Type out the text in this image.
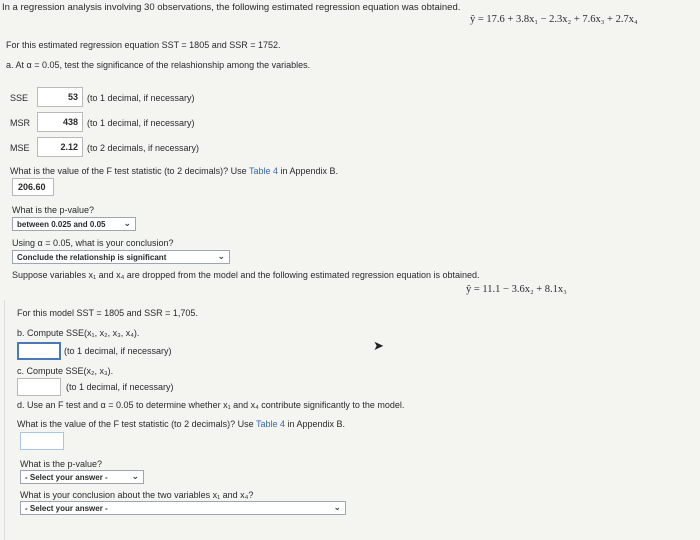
In a regression analysis involving 30 observations, the following estimated regression equation was obtained.
ŷ = 17.6 + 3.8x₁ − 2.3x₂ + 7.6x₃ + 2.7x₄
For this estimated regression equation SST = 1805 and SSR = 1752.
a. At α = 0.05, test the significance of the relashionship among the variables.
SSE	53	(to 1 decimal, if necessary)
MSR	438	(to 1 decimal, if necessary)
MSE	2.12	(to 2 decimals, if necessary)
What is the value of the F test statistic (to 2 decimals)? Use Table 4 in Appendix B.
206.60
What is the p-value?
between 0.025 and 0.05 ⌄
Using α = 0.05, what is your conclusion?
Conclude the relationship is significant	⌄
Suppose variables x₁ and x₄ are dropped from the model and the following estimated regression equation is obtained.
ŷ = 11.1 − 3.6x₂ + 8.1x₃
For this model SST = 1805 and SSR = 1,705.
b. Compute SSE(x₁, x₂, x₃, x₄).
(to 1 decimal, if necessary)	➤
c. Compute SSE(x₂, x₃).
(to 1 decimal, if necessary)
d. Use an F test and α = 0.05 to determine whether x₁ and x₄ contribute significantly to the model.
What is the value of the F test statistic (to 2 decimals)? Use Table 4 in Appendix B.
What is the p-value?
- Select your answer -	⌄
What is your conclusion about the two variables x₁ and x₄?
- Select your answer -	⌄
